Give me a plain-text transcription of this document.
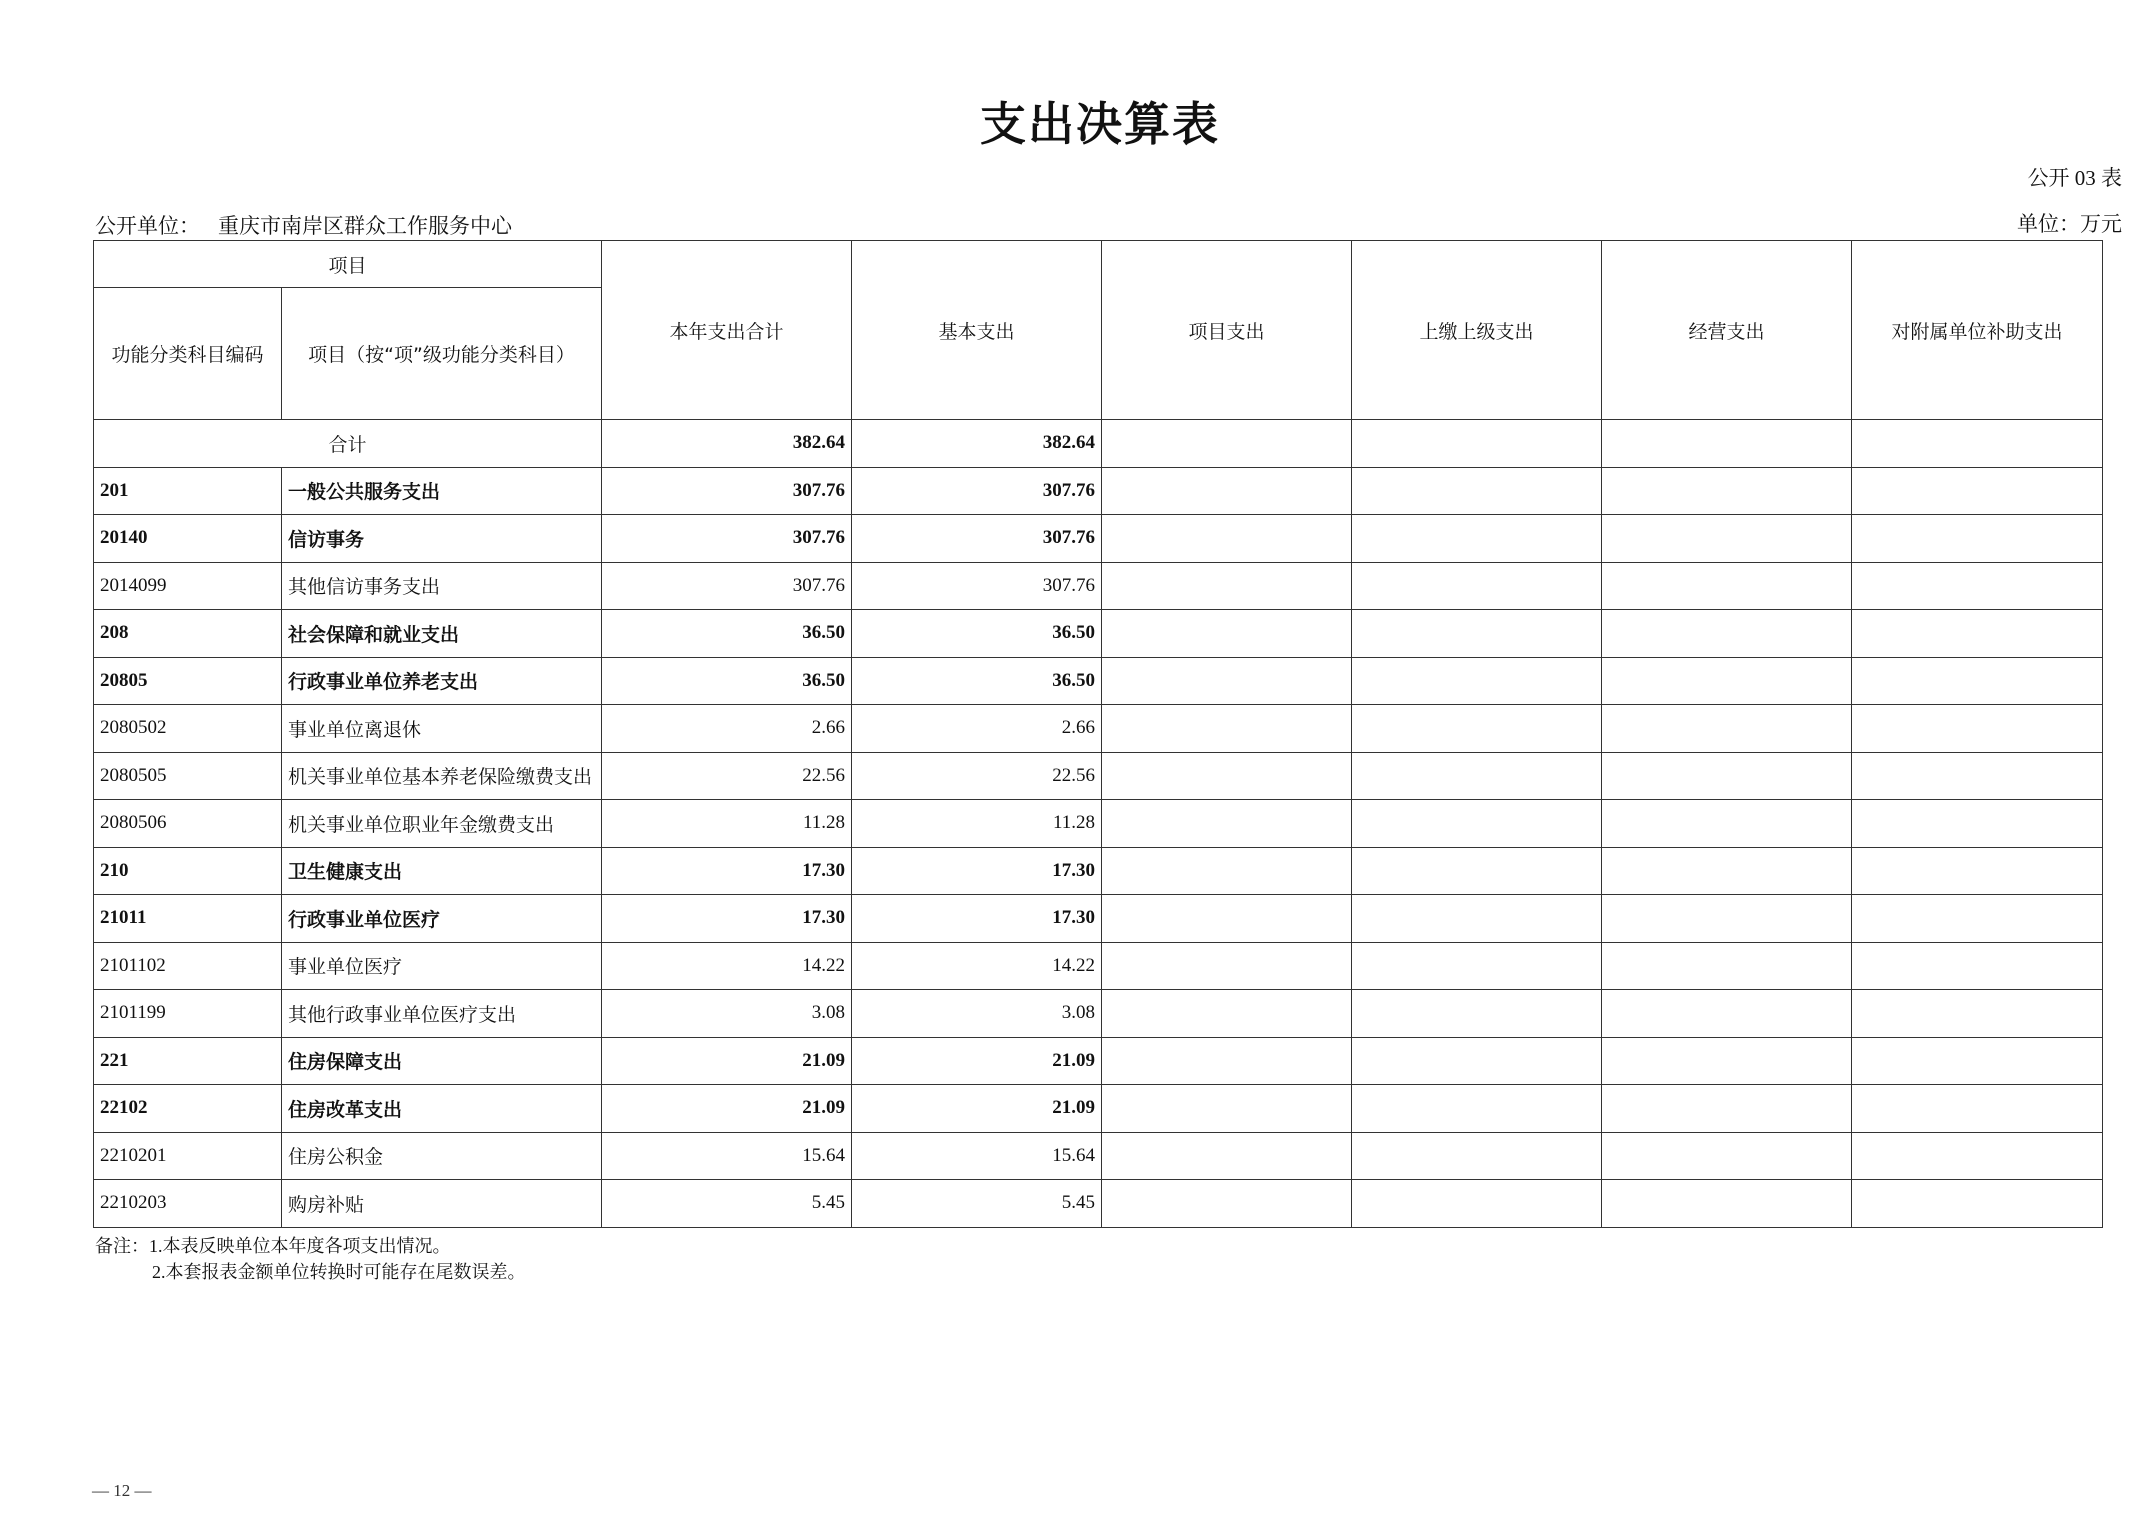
支出决算表
公开 03 表
公开单位： 重庆市南岸区群众工作服务中心	单位：万元
项目		本年支出合计	基本支出	项目支出	上缴上级支出	经营支出	对附属单位补助支出
功能分类科目编码	项目（按“项”级功能分类科目）						
合计		382.64	382.64				
201	一般公共服务支出	307.76	307.76				
20140	信访事务	307.76	307.76				
2014099	其他信访事务支出	307.76	307.76				
208	社会保障和就业支出	36.50	36.50				
20805	行政事业单位养老支出	36.50	36.50				
2080502	事业单位离退休	2.66	2.66				
2080505	机关事业单位基本养老保险缴费支出	22.56	22.56				
2080506	机关事业单位职业年金缴费支出	11.28	11.28				
210	卫生健康支出	17.30	17.30				
21011	行政事业单位医疗	17.30	17.30				
2101102	事业单位医疗	14.22	14.22				
2101199	其他行政事业单位医疗支出	3.08	3.08				
221	住房保障支出	21.09	21.09				
22102	住房改革支出	21.09	21.09				
2210201	住房公积金	15.64	15.64				
2210203	购房补贴	5.45	5.45				
备注：1.本表反映单位本年度各项支出情况。
2.本套报表金额单位转换时可能存在尾数误差。
— 12 —
